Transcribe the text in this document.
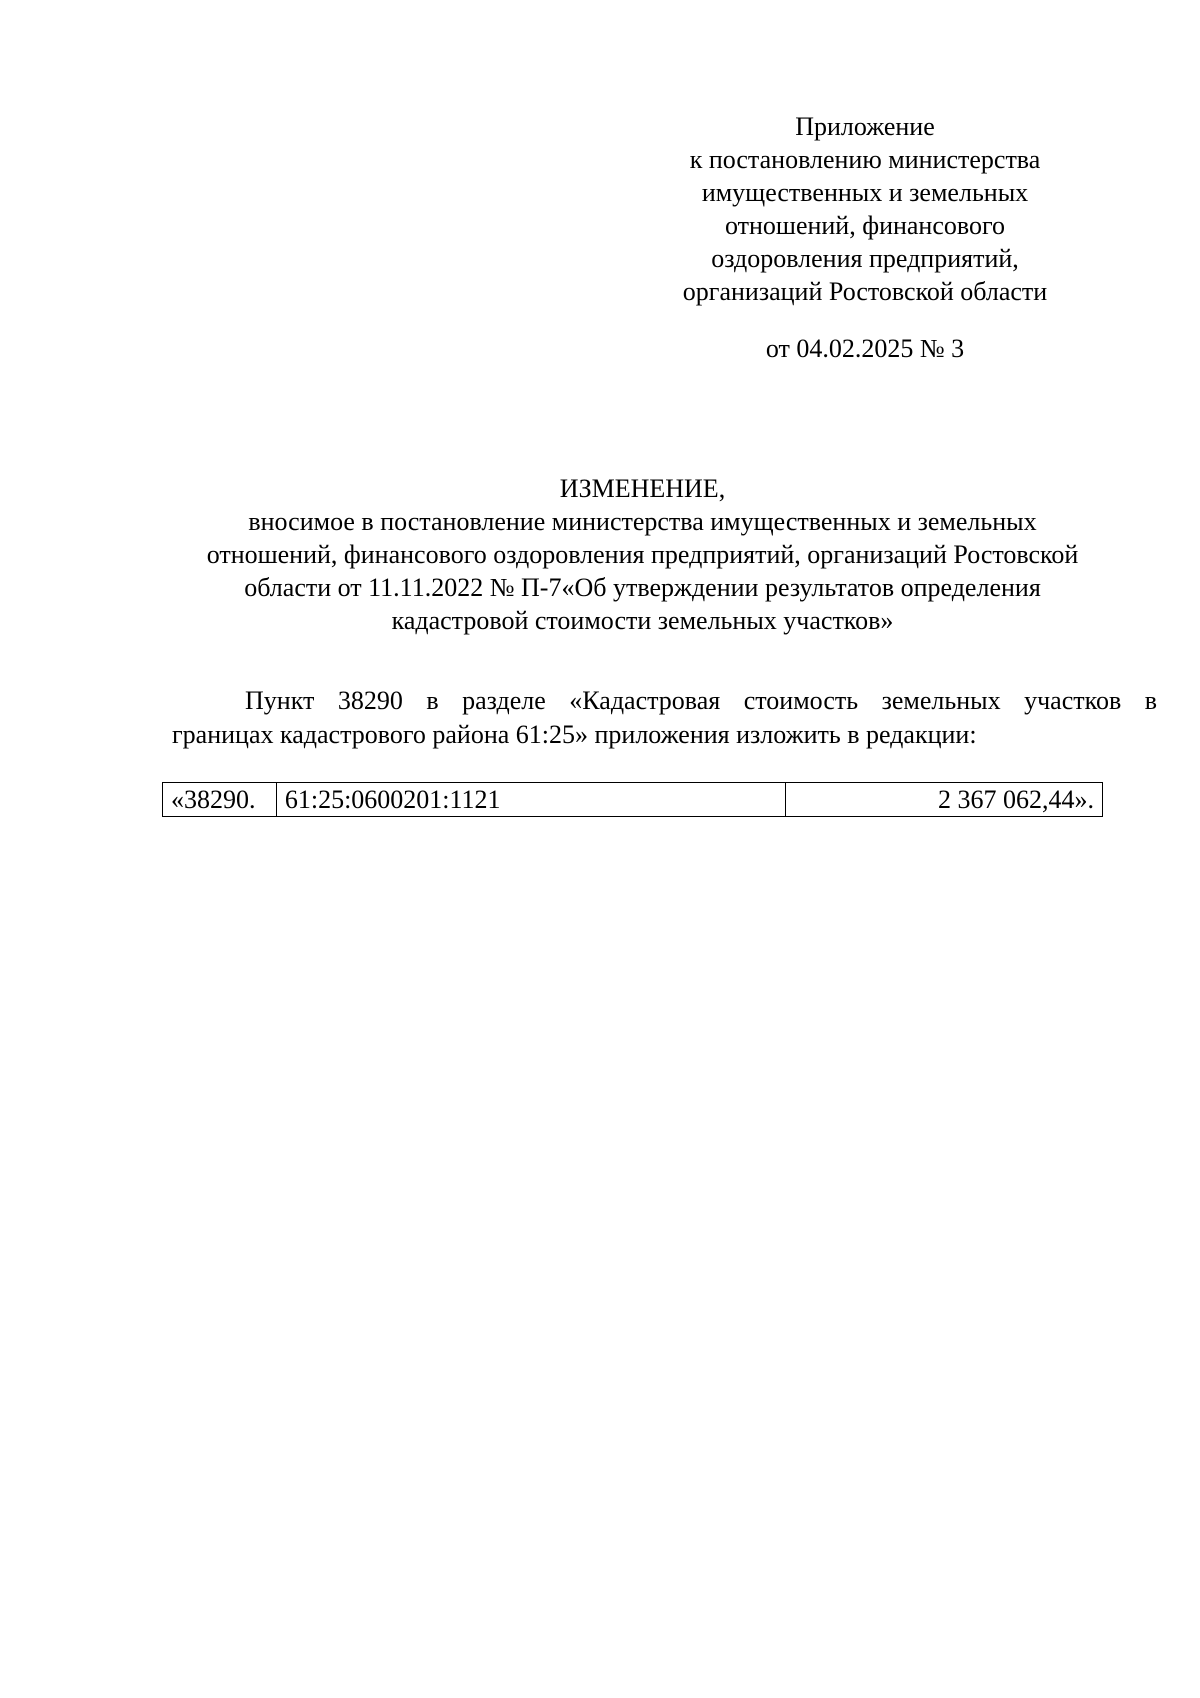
Приложение
к постановлению министерства
имущественных и земельных
отношений, финансового
оздоровления предприятий,
организаций Ростовской области
от 04.02.2025 № 3
ИЗМЕНЕНИЕ,
вносимое в постановление министерства имущественных и земельных
отношений, финансового оздоровления предприятий, организаций Ростовской
области от 11.11.2022 № П-7«Об утверждении результатов определения
кадастровой стоимости земельных участков»
Пункт 38290 в разделе «Кадастровая стоимость земельных участков в
границах кадастрового района 61:25» приложения изложить в редакции:
«38290.	61:25:0600201:1121	2 367 062,44».
